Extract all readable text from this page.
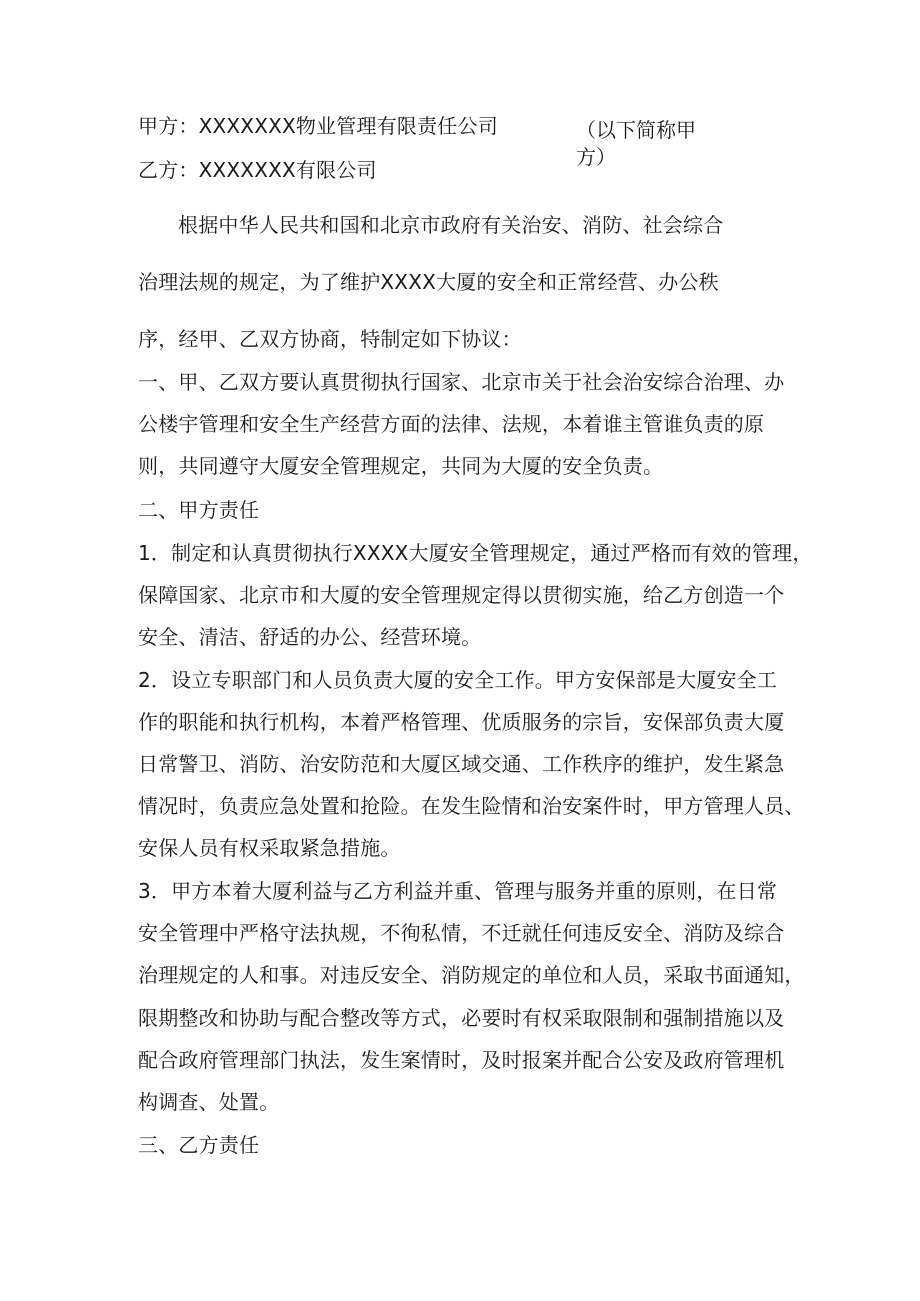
甲方：XXXXXXX物业管理有限责任公司	（以下简称甲
方）
乙方：XXXXXXX有限公司
根据中华人民共和国和北京市政府有关治安、消防、社会综合
治理法规的规定，为了维护XXXX大厦的安全和正常经营、办公秩
序，经甲、乙双方协商，特制定如下协议：
一、甲、乙双方要认真贯彻执行国家、北京市关于社会治安综合治理、办
公楼宇管理和安全生产经营方面的法律、法规，本着谁主管谁负责的原
则，共同遵守大厦安全管理规定，共同为大厦的安全负责。
二、甲方责任
1．制定和认真贯彻执行XXXX大厦安全管理规定，通过严格而有效的管理，
保障国家、北京市和大厦的安全管理规定得以贯彻实施，给乙方创造一个
安全、清洁、舒适的办公、经营环境。
2．设立专职部门和人员负责大厦的安全工作。甲方安保部是大厦安全工
作的职能和执行机构，本着严格管理、优质服务的宗旨，安保部负责大厦
日常警卫、消防、治安防范和大厦区域交通、工作秩序的维护，发生紧急
情况时，负责应急处置和抢险。在发生险情和治安案件时，甲方管理人员、
安保人员有权采取紧急措施。
3．甲方本着大厦利益与乙方利益并重、管理与服务并重的原则，在日常
安全管理中严格守法执规，不徇私情，不迁就任何违反安全、消防及综合
治理规定的人和事。对违反安全、消防规定的单位和人员，采取书面通知，
限期整改和协助与配合整改等方式，必要时有权采取限制和强制措施以及
配合政府管理部门执法，发生案情时，及时报案并配合公安及政府管理机
构调查、处置。
三、乙方责任
